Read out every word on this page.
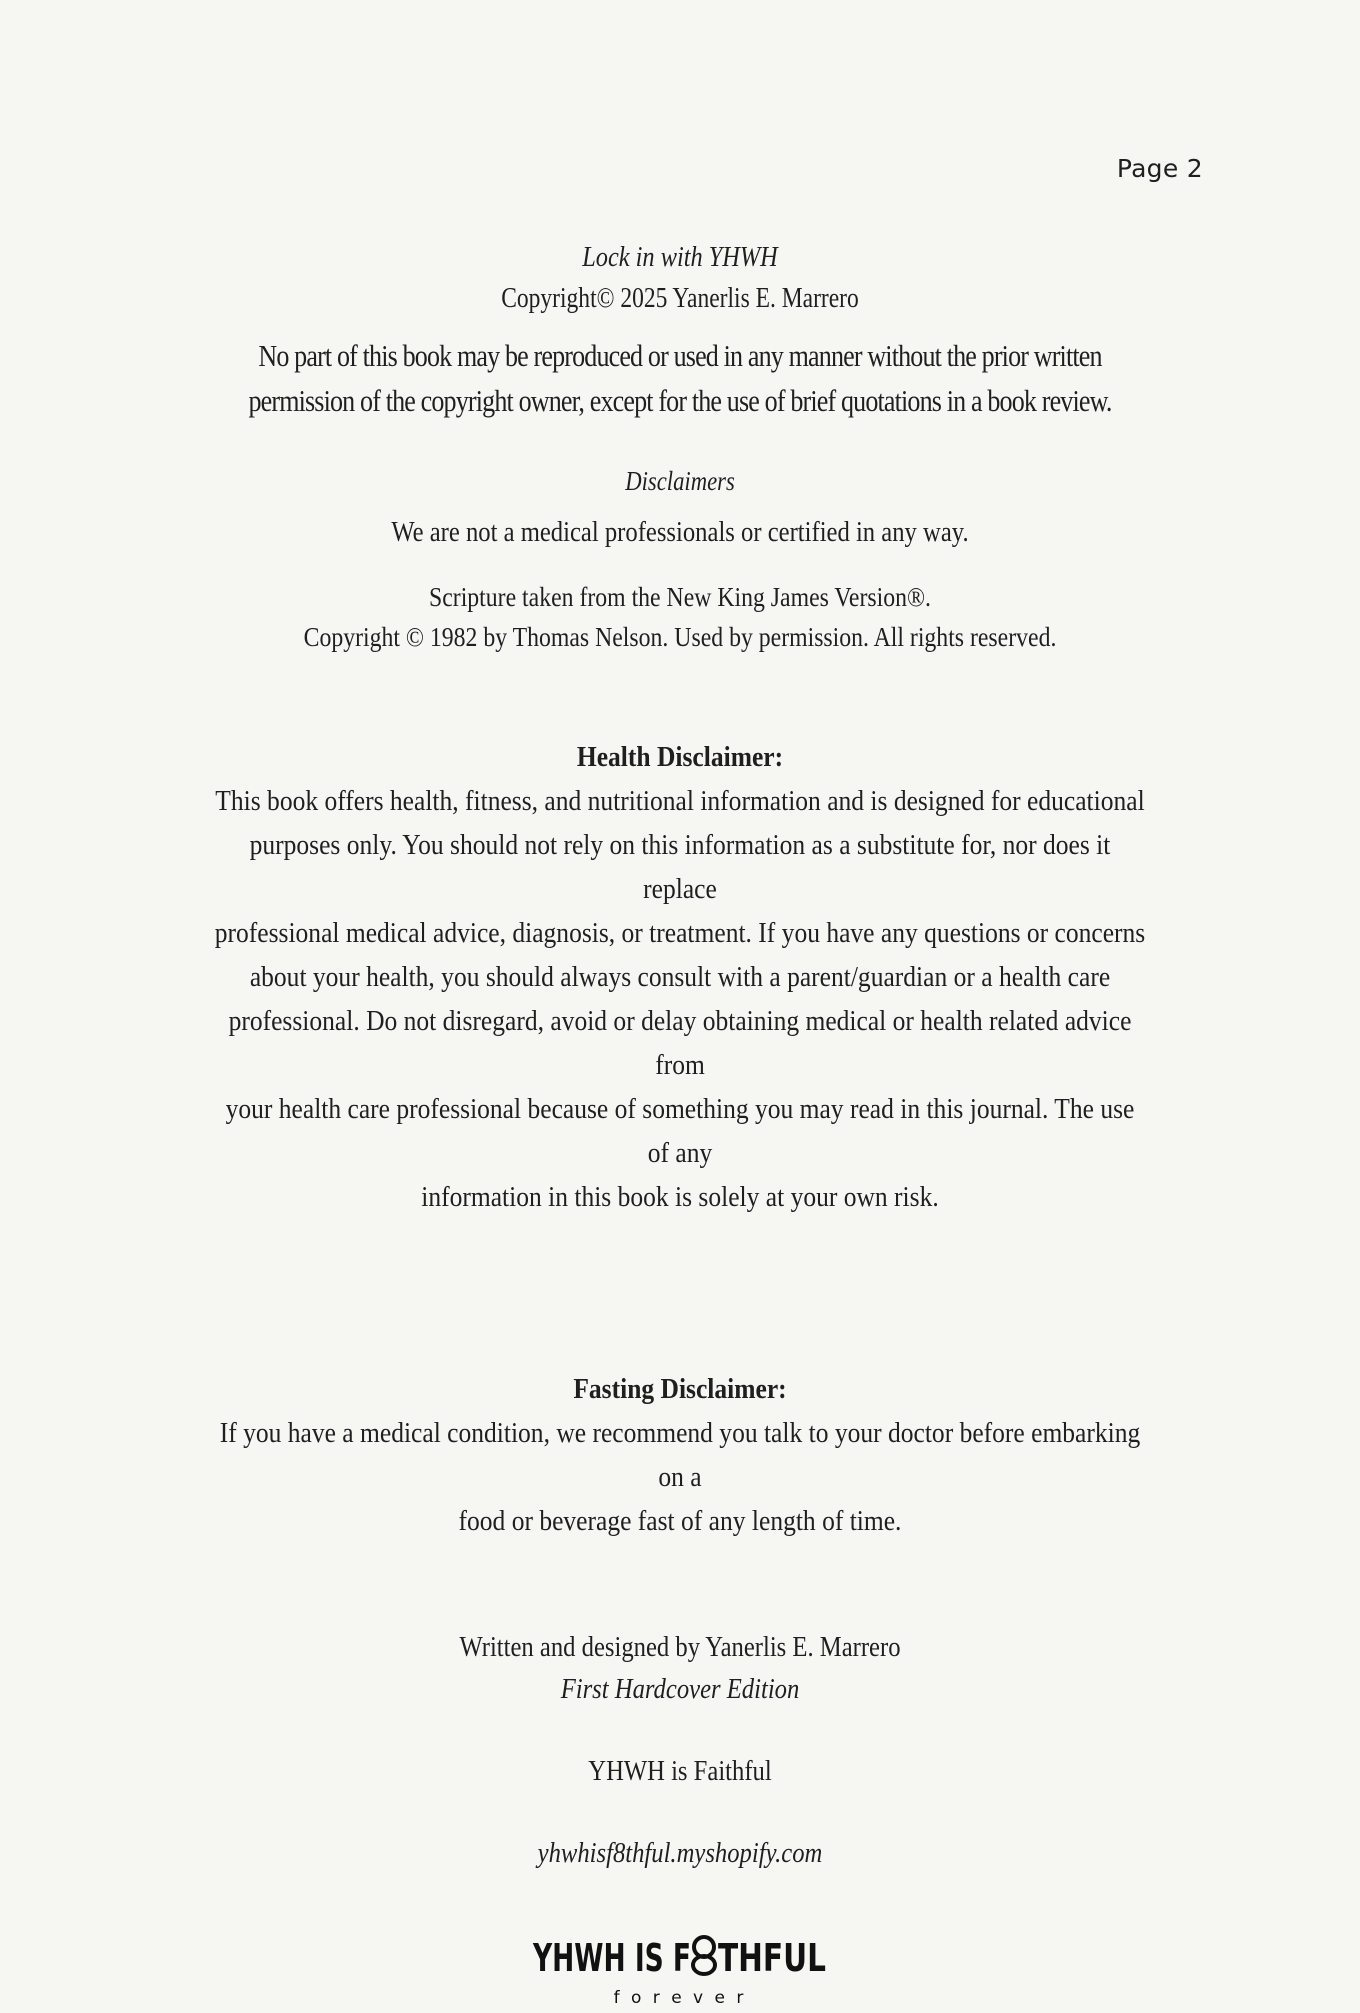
Page 2
Lock in with YHWH
Copyright© 2025 Yanerlis E. Marrero
No part of this book may be reproduced or used in any manner without the prior written
permission of the copyright owner, except for the use of brief quotations in a book review.
Disclaimers
We are not a medical professionals or certified in any way.
Scripture taken from the New King James Version®.
Copyright © 1982 by Thomas Nelson. Used by permission. All rights reserved.
Health Disclaimer:
This book offers health, fitness, and nutritional information and is designed for educational
purposes only. You should not rely on this information as a substitute for, nor does it replace
professional medical advice, diagnosis, or treatment. If you have any questions or concerns
about your health, you should always consult with a parent/guardian or a health care
professional. Do not disregard, avoid or delay obtaining medical or health related advice from
your health care professional because of something you may read in this journal. The use of any
information in this book is solely at your own risk.
Fasting Disclaimer:
If you have a medical condition, we recommend you talk to your doctor before embarking on a
food or beverage fast of any length of time.
Written and designed by Yanerlis E. Marrero
First Hardcover Edition
YHWH is Faithful
yhwhisf8thful.myshopify.com
YHWH IS F THFUL
f o r e v e r
